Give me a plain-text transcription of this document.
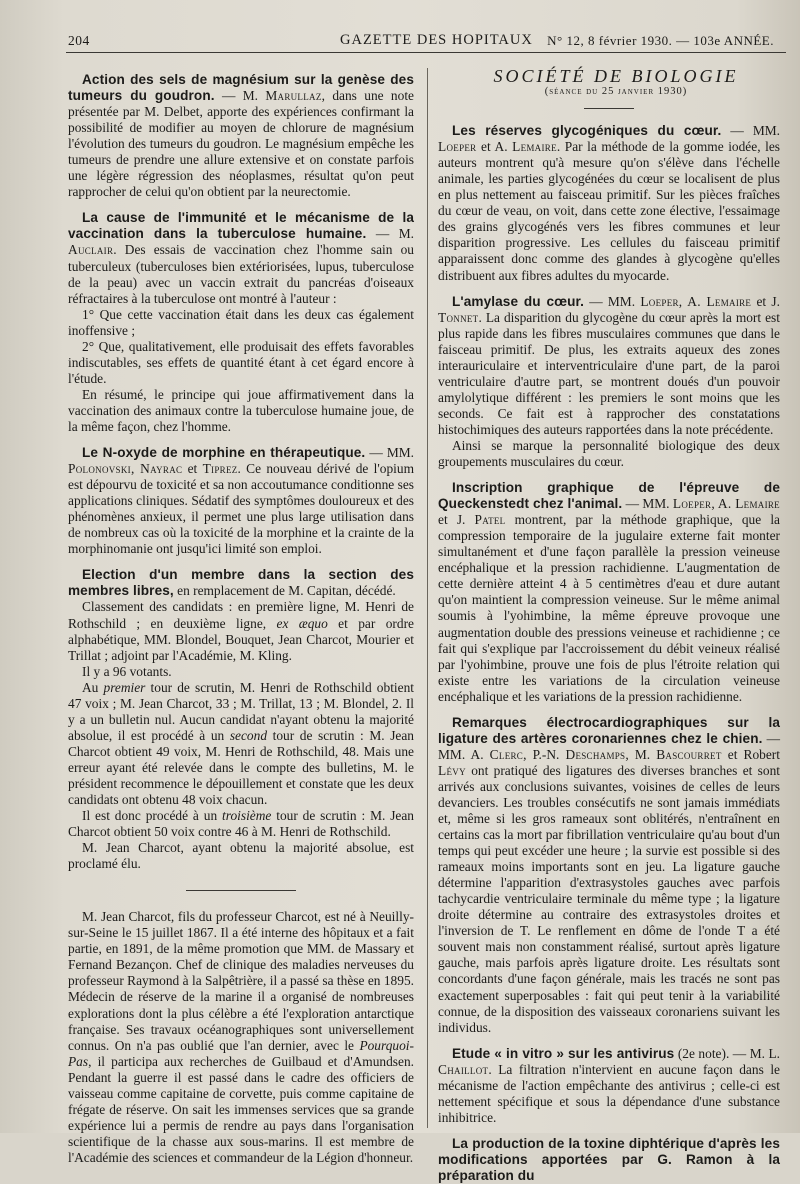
204	GAZETTE DES HOPITAUX N° 12, 8 février 1930. — 103e ANNÉE.

Action des sels de magnésium sur la genèse des tumeurs du goudron. — M. Marullaz, dans une note présentée par M. Delbet, apporte des expériences confirmant la possibilité de modifier au moyen de chlorure de magnésium l'évolution des tumeurs du goudron. Le magnésium empêche les tumeurs de prendre une allure extensive et on constate parfois une légère régression des néoplasmes, résultat qu'on peut rapprocher de celui qu'on obtient par la neurectomie.

La cause de l'immunité et le mécanisme de la vaccination dans la tuberculose humaine. — M. Auclair. Des essais de vaccination chez l'homme sain ou tuberculeux (tuberculoses bien extériorisées, lupus, tuberculose de la peau) avec un vaccin extrait du pancréas d'oiseaux réfractaires à la tuberculose ont montré à l'auteur :

1° Que cette vaccination était dans les deux cas également inoffensive ;

2° Que, qualitativement, elle produisait des effets favorables indiscutables, ses effets de quantité étant à cet égard encore à l'étude.

En résumé, le principe qui joue affirmativement dans la vaccination des animaux contre la tuberculose humaine joue, de la même façon, chez l'homme.

Le N-oxyde de morphine en thérapeutique. — MM. Polonovski, Nayrac et Tiprez. Ce nouveau dérivé de l'opium est dépourvu de toxicité et sa non accoutumance conditionne ses applications cliniques. Sédatif des symptômes douloureux et des phénomènes anxieux, il permet une plus large utilisation dans de nombreux cas où la toxicité de la morphine et la crainte de la morphinomanie ont jusqu'ici limité son emploi.

Election d'un membre dans la section des membres libres, en remplacement de M. Capitan, décédé.

Classement des candidats : en première ligne, M. Henri de Rothschild ; en deuxième ligne, ex æquo et par ordre alphabétique, MM. Blondel, Bouquet, Jean Charcot, Mourier et Trillat ; adjoint par l'Académie, M. Kling.

Il y a 96 votants.

Au premier tour de scrutin, M. Henri de Rothschild obtient 47 voix ; M. Jean Charcot, 33 ; M. Trillat, 13 ; M. Blondel, 2. Il y a un bulletin nul. Aucun candidat n'ayant obtenu la majorité absolue, il est procédé à un second tour de scrutin : M. Jean Charcot obtient 49 voix, M. Henri de Rothschild, 48. Mais une erreur ayant été relevée dans le compte des bulletins, M. le président recommence le dépouillement et constate que les deux candidats ont obtenu 48 voix chacun.

Il est donc procédé à un troisième tour de scrutin : M. Jean Charcot obtient 50 voix contre 46 à M. Henri de Rothschild.

M. Jean Charcot, ayant obtenu la majorité absolue, est proclamé élu.

M. Jean Charcot, fils du professeur Charcot, est né à Neuilly-sur-Seine le 15 juillet 1867. Il a été interne des hôpitaux et a fait partie, en 1891, de la même promotion que MM. de Massary et Fernand Bezançon. Chef de clinique des maladies nerveuses du professeur Raymond à la Salpêtrière, il a passé sa thèse en 1895. Médecin de réserve de la marine il a organisé de nombreuses explorations dont la plus célèbre a été l'exploration antarctique française. Ses travaux océanographiques sont universellement connus. On n'a pas oublié que l'an dernier, avec le Pourquoi-Pas, il participa aux recherches de Guilbaud et d'Amundsen. Pendant la guerre il est passé dans le cadre des officiers de vaisseau comme capitaine de corvette, puis comme capitaine de frégate de réserve. On sait les immenses services que sa grande expérience lui a permis de rendre au pays dans l'organisation scientifique de la chasse aux sous-marins. Il est membre de l'Académie des sciences et commandeur de la Légion d'honneur.

SOCIÉTÉ DE BIOLOGIE

(séance du 25 janvier 1930)

Les réserves glycogéniques du cœur. — MM. Loeper et A. Lemaire. Par la méthode de la gomme iodée, les auteurs montrent qu'à mesure qu'on s'élève dans l'échelle animale, les parties glycogénées du cœur se localisent de plus en plus nettement au faisceau primitif. Sur les pièces fraîches du cœur de veau, on voit, dans cette zone élective, l'essaimage des grains glycogénés vers les fibres communes et leur disparition progressive. Les cellules du faisceau primitif apparaissent donc comme des glandes à glycogène qu'elles distribuent aux fibres adultes du myocarde.

L'amylase du cœur. — MM. Loeper, A. Lemaire et J. Tonnet. La disparition du glycogène du cœur après la mort est plus rapide dans les fibres musculaires communes que dans le faisceau primitif. De plus, les extraits aqueux des zones interauriculaire et interventriculaire d'une part, de la paroi ventriculaire d'autre part, se montrent doués d'un pouvoir amylolytique différent : les premiers le sont moins que les seconds. Ce fait est à rapprocher des constatations histochimiques des auteurs rapportées dans la note précédente.

Ainsi se marque la personnalité biologique des deux groupements musculaires du cœur.

Inscription graphique de l'épreuve de Queckenstedt chez l'animal. — MM. Loeper, A. Lemaire et J. Patel montrent, par la méthode graphique, que la compression temporaire de la jugulaire externe fait monter simultanément et d'une façon parallèle la pression veineuse encéphalique et la pression rachidienne. L'augmentation de cette dernière atteint 4 à 5 centimètres d'eau et dure autant qu'on maintient la compression veineuse. Sur le même animal soumis à l'yohimbine, la même épreuve provoque une augmentation double des pressions veineuse et rachidienne ; ce fait qui s'explique par l'accroissement du débit veineux réalisé par l'yohimbine, prouve une fois de plus l'étroite relation qui existe entre les variations de la circulation veineuse encéphalique et les variations de la pression rachidienne.

Remarques électrocardiographiques sur la ligature des artères coronariennes chez le chien. — MM. A. Clerc, P.-N. Deschamps, M. Bascourret et Robert Lévy ont pratiqué des ligatures des diverses branches et sont arrivés aux conclusions suivantes, voisines de celles de leurs devanciers. Les troubles consécutifs ne sont jamais immédiats et, même si les gros rameaux sont oblitérés, n'entraînent en certains cas la mort par fibrillation ventriculaire qu'au bout d'un temps qui peut excéder une heure ; la survie est possible si des rameaux moins importants sont en jeu. La ligature gauche détermine l'apparition d'extrasystoles gauches avec parfois tachycardie ventriculaire terminale du même type ; la ligature droite détermine au contraire des extrasystoles droites et l'inversion de T. Le renflement en dôme de l'onde T a été souvent mais non constamment réalisé, surtout après ligature gauche, mais parfois après ligature droite. Les résultats sont concordants d'une façon générale, mais les tracés ne sont pas exactement superposables : fait qui peut tenir à la variabilité connue, de la disposition des vaisseaux coronariens suivant les individus.

Etude « in vitro » sur les antivirus (2e note). — M. L. Chaillot. La filtration n'intervient en aucune façon dans le mécanisme de l'action empêchante des antivirus ; celle-ci est nettement spécifique et sous la dépendance d'une substance inhibitrice.

La production de la toxine diphtérique d'après les modifications apportées par G. Ramon à la préparation du
